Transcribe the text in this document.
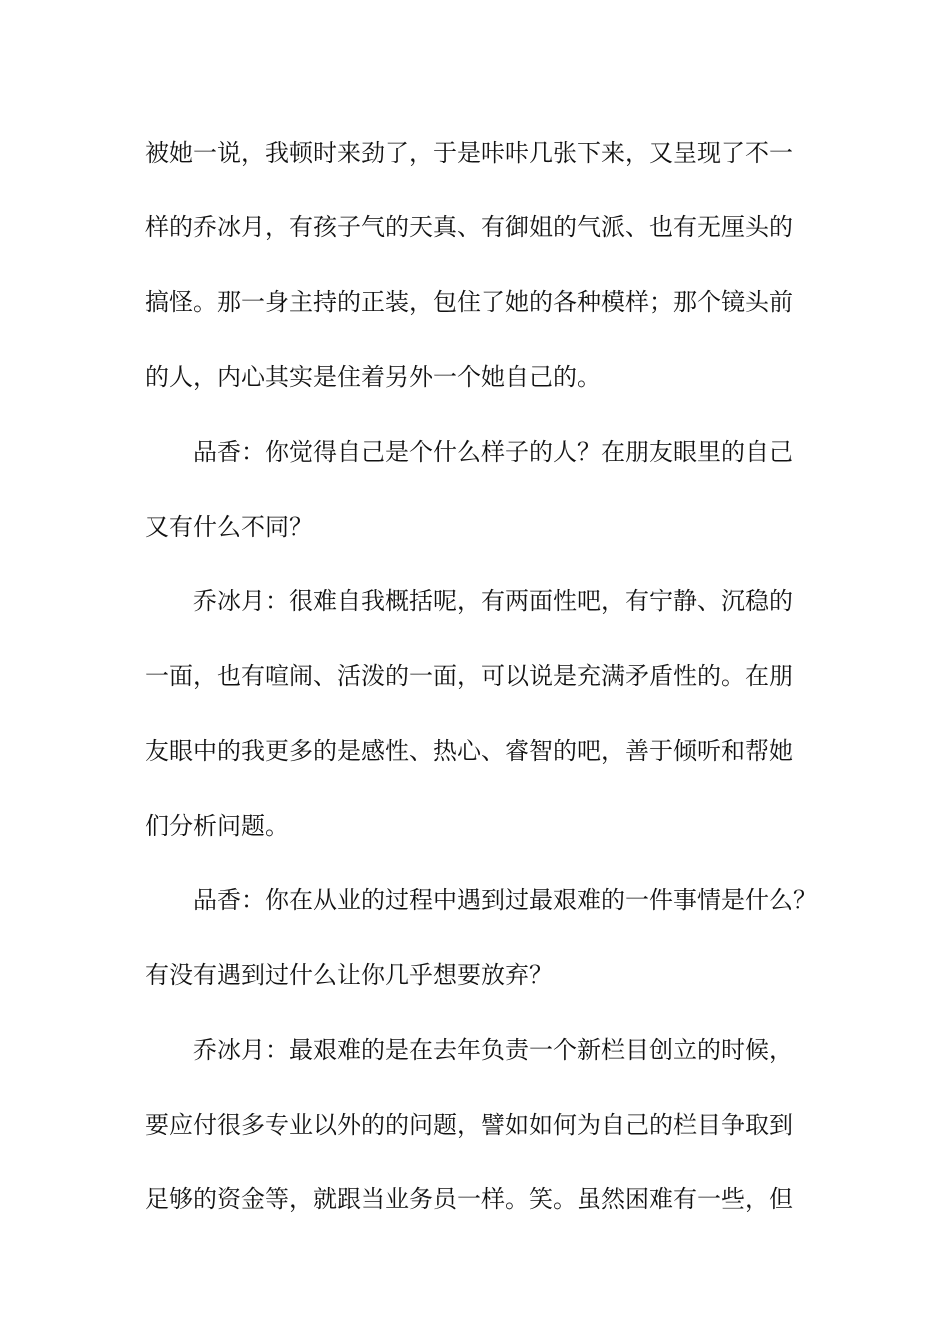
被她一说，我顿时来劲了，于是咔咔几张下来，又呈现了不一
样的乔冰月，有孩子气的天真、有御姐的气派、也有无厘头的
搞怪。那一身主持的正装，包住了她的各种模样；那个镜头前
的人，内心其实是住着另外一个她自己的。
品香：你觉得自己是个什么样子的人？在朋友眼里的自己
又有什么不同？
乔冰月：很难自我概括呢，有两面性吧，有宁静、沉稳的
一面，也有喧闹、活泼的一面，可以说是充满矛盾性的。在朋
友眼中的我更多的是感性、热心、睿智的吧，善于倾听和帮她
们分析问题。
品香：你在从业的过程中遇到过最艰难的一件事情是什么？
有没有遇到过什么让你几乎想要放弃？
乔冰月：最艰难的是在去年负责一个新栏目创立的时候，
要应付很多专业以外的的问题，譬如如何为自己的栏目争取到
足够的资金等，就跟当业务员一样。笑。虽然困难有一些，但
